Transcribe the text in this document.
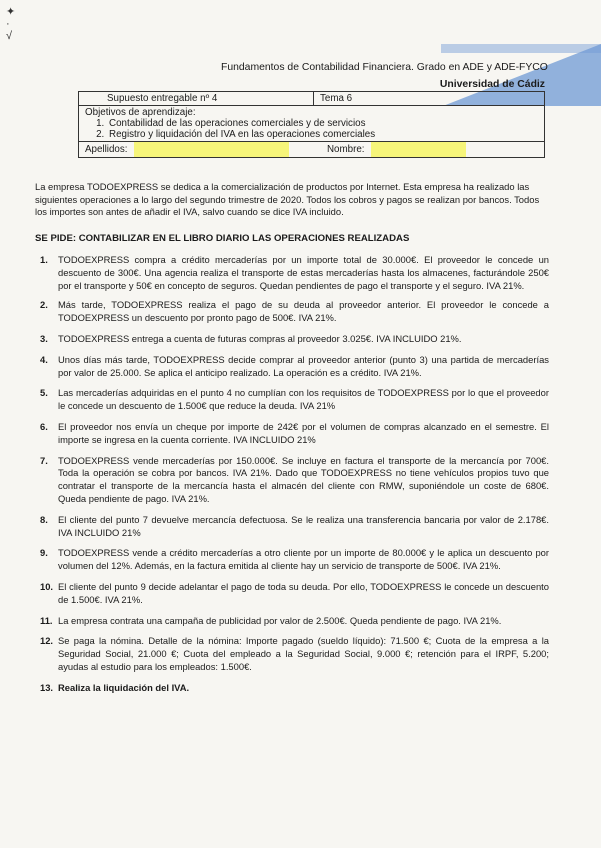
✦
·
√
Fundamentos de Contabilidad Financiera. Grado en ADE y ADE-FYCO
Universidad de Cádiz
Supuesto entregable nº 4	Tema 6

Objetivos de aprendizaje:
1. Contabilidad de las operaciones comerciales y de servicios
2. Registro y liquidación del IVA en las operaciones comerciales

Apellidos:	Nombre:
La empresa TODOEXPRESS se dedica a la comercialización de productos por Internet. Esta empresa ha realizado las siguientes operaciones a lo largo del segundo trimestre de 2020. Todos los cobros y pagos se realizan por bancos. Todos los importes son antes de añadir el IVA, salvo cuando se dice IVA incluido.
SE PIDE: CONTABILIZAR EN EL LIBRO DIARIO LAS OPERACIONES REALIZADAS
1. TODOEXPRESS compra a crédito mercaderías por un importe total de 30.000€. El proveedor le concede un descuento de 300€. Una agencia realiza el transporte de estas mercaderías hasta los almacenes, facturándole 250€ por el transporte y 50€ en concepto de seguros. Quedan pendientes de pago el transporte y el seguro. IVA 21%.
2. Más tarde, TODOEXPRESS realiza el pago de su deuda al proveedor anterior. El proveedor le concede a TODOEXPRESS un descuento por pronto pago de 500€. IVA 21%.
3. TODOEXPRESS entrega a cuenta de futuras compras al proveedor 3.025€. IVA INCLUIDO 21%.
4. Unos días más tarde, TODOEXPRESS decide comprar al proveedor anterior (punto 3) una partida de mercaderías por valor de 25.000. Se aplica el anticipo realizado. La operación es a crédito. IVA 21%.
5. Las mercaderías adquiridas en el punto 4 no cumplían con los requisitos de TODOEXPRESS por lo que el proveedor le concede un descuento de 1.500€ que reduce la deuda. IVA 21%
6. El proveedor nos envía un cheque por importe de 242€ por el volumen de compras alcanzado en el semestre. El importe se ingresa en la cuenta corriente. IVA INCLUIDO 21%
7. TODOEXPRESS vende mercaderías por 150.000€. Se incluye en factura el transporte de la mercancía por 700€. Toda la operación se cobra por bancos. IVA 21%. Dado que TODOEXPRESS no tiene vehículos propios tuvo que contratar el transporte de la mercancía hasta el almacén del cliente con RMW, suponiéndole un coste de 680€. Queda pendiente de pago. IVA 21%.
8. El cliente del punto 7 devuelve mercancía defectuosa. Se le realiza una transferencia bancaria por valor de 2.178€. IVA INCLUIDO 21%
9. TODOEXPRESS vende a crédito mercaderías a otro cliente por un importe de 80.000€ y le aplica un descuento por volumen del 12%. Además, en la factura emitida al cliente hay un servicio de transporte de 500€. IVA 21%.
10. El cliente del punto 9 decide adelantar el pago de toda su deuda. Por ello, TODOEXPRESS le concede un descuento de 1.500€. IVA 21%.
11. La empresa contrata una campaña de publicidad por valor de 2.500€. Queda pendiente de pago. IVA 21%.
12. Se paga la nómina. Detalle de la nómina: Importe pagado (sueldo líquido): 71.500 €; Cuota de la empresa a la Seguridad Social, 21.000 €; Cuota del empleado a la Seguridad Social, 9.000 €; retención para el IRPF, 5.200; ayudas al estudio para los empleados: 1.500€.
13. Realiza la liquidación del IVA.
